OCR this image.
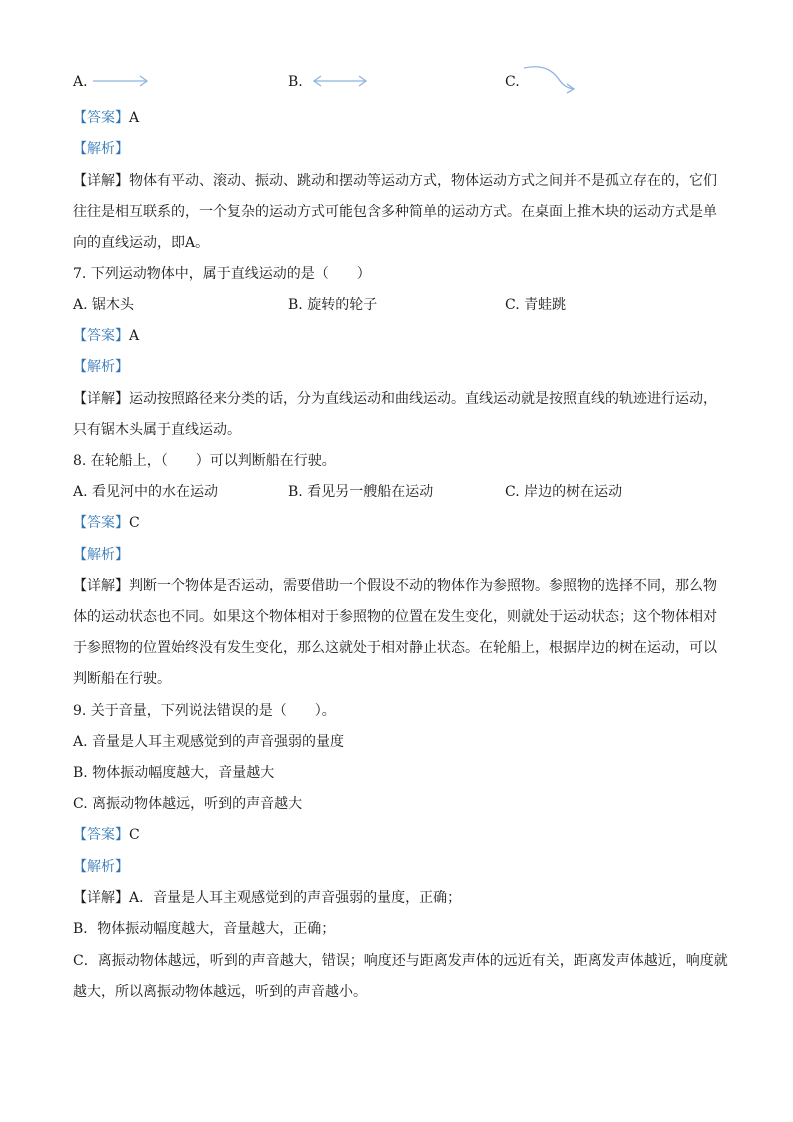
A.	B.	C.
【答案】A
【解析】
【详解】物体有平动、滚动、振动、跳动和摆动等运动方式，物体运动方式之间并不是孤立存在的，它们
往往是相互联系的，一个复杂的运动方式可能包含多种简单的运动方式。在桌面上推木块的运动方式是单
向的直线运动，即A。
7. 下列运动物体中，属于直线运动的是（　　）
A. 锯木头	B. 旋转的轮子	C. 青蛙跳
【答案】A
【解析】
【详解】运动按照路径来分类的话，分为直线运动和曲线运动。直线运动就是按照直线的轨迹进行运动，
只有锯木头属于直线运动。
8. 在轮船上，（　　）可以判断船在行驶。
A. 看见河中的水在运动	B. 看见另一艘船在运动	C. 岸边的树在运动
【答案】C
【解析】
【详解】判断一个物体是否运动，需要借助一个假设不动的物体作为参照物。参照物的选择不同，那么物
体的运动状态也不同。如果这个物体相对于参照物的位置在发生变化，则就处于运动状态；这个物体相对
于参照物的位置始终没有发生变化，那么这就处于相对静止状态。在轮船上，根据岸边的树在运动，可以
判断船在行驶。
9. 关于音量，下列说法错误的是（　　）。
A. 音量是人耳主观感觉到的声音强弱的量度
B. 物体振动幅度越大，音量越大
C. 离振动物体越远，听到的声音越大
【答案】C
【解析】
【详解】A．音量是人耳主观感觉到的声音强弱的量度，正确；
B．物体振动幅度越大，音量越大，正确；
C．离振动物体越远，听到的声音越大，错误；响度还与距离发声体的远近有关，距离发声体越近，响度就
越大，所以离振动物体越远，听到的声音越小。
